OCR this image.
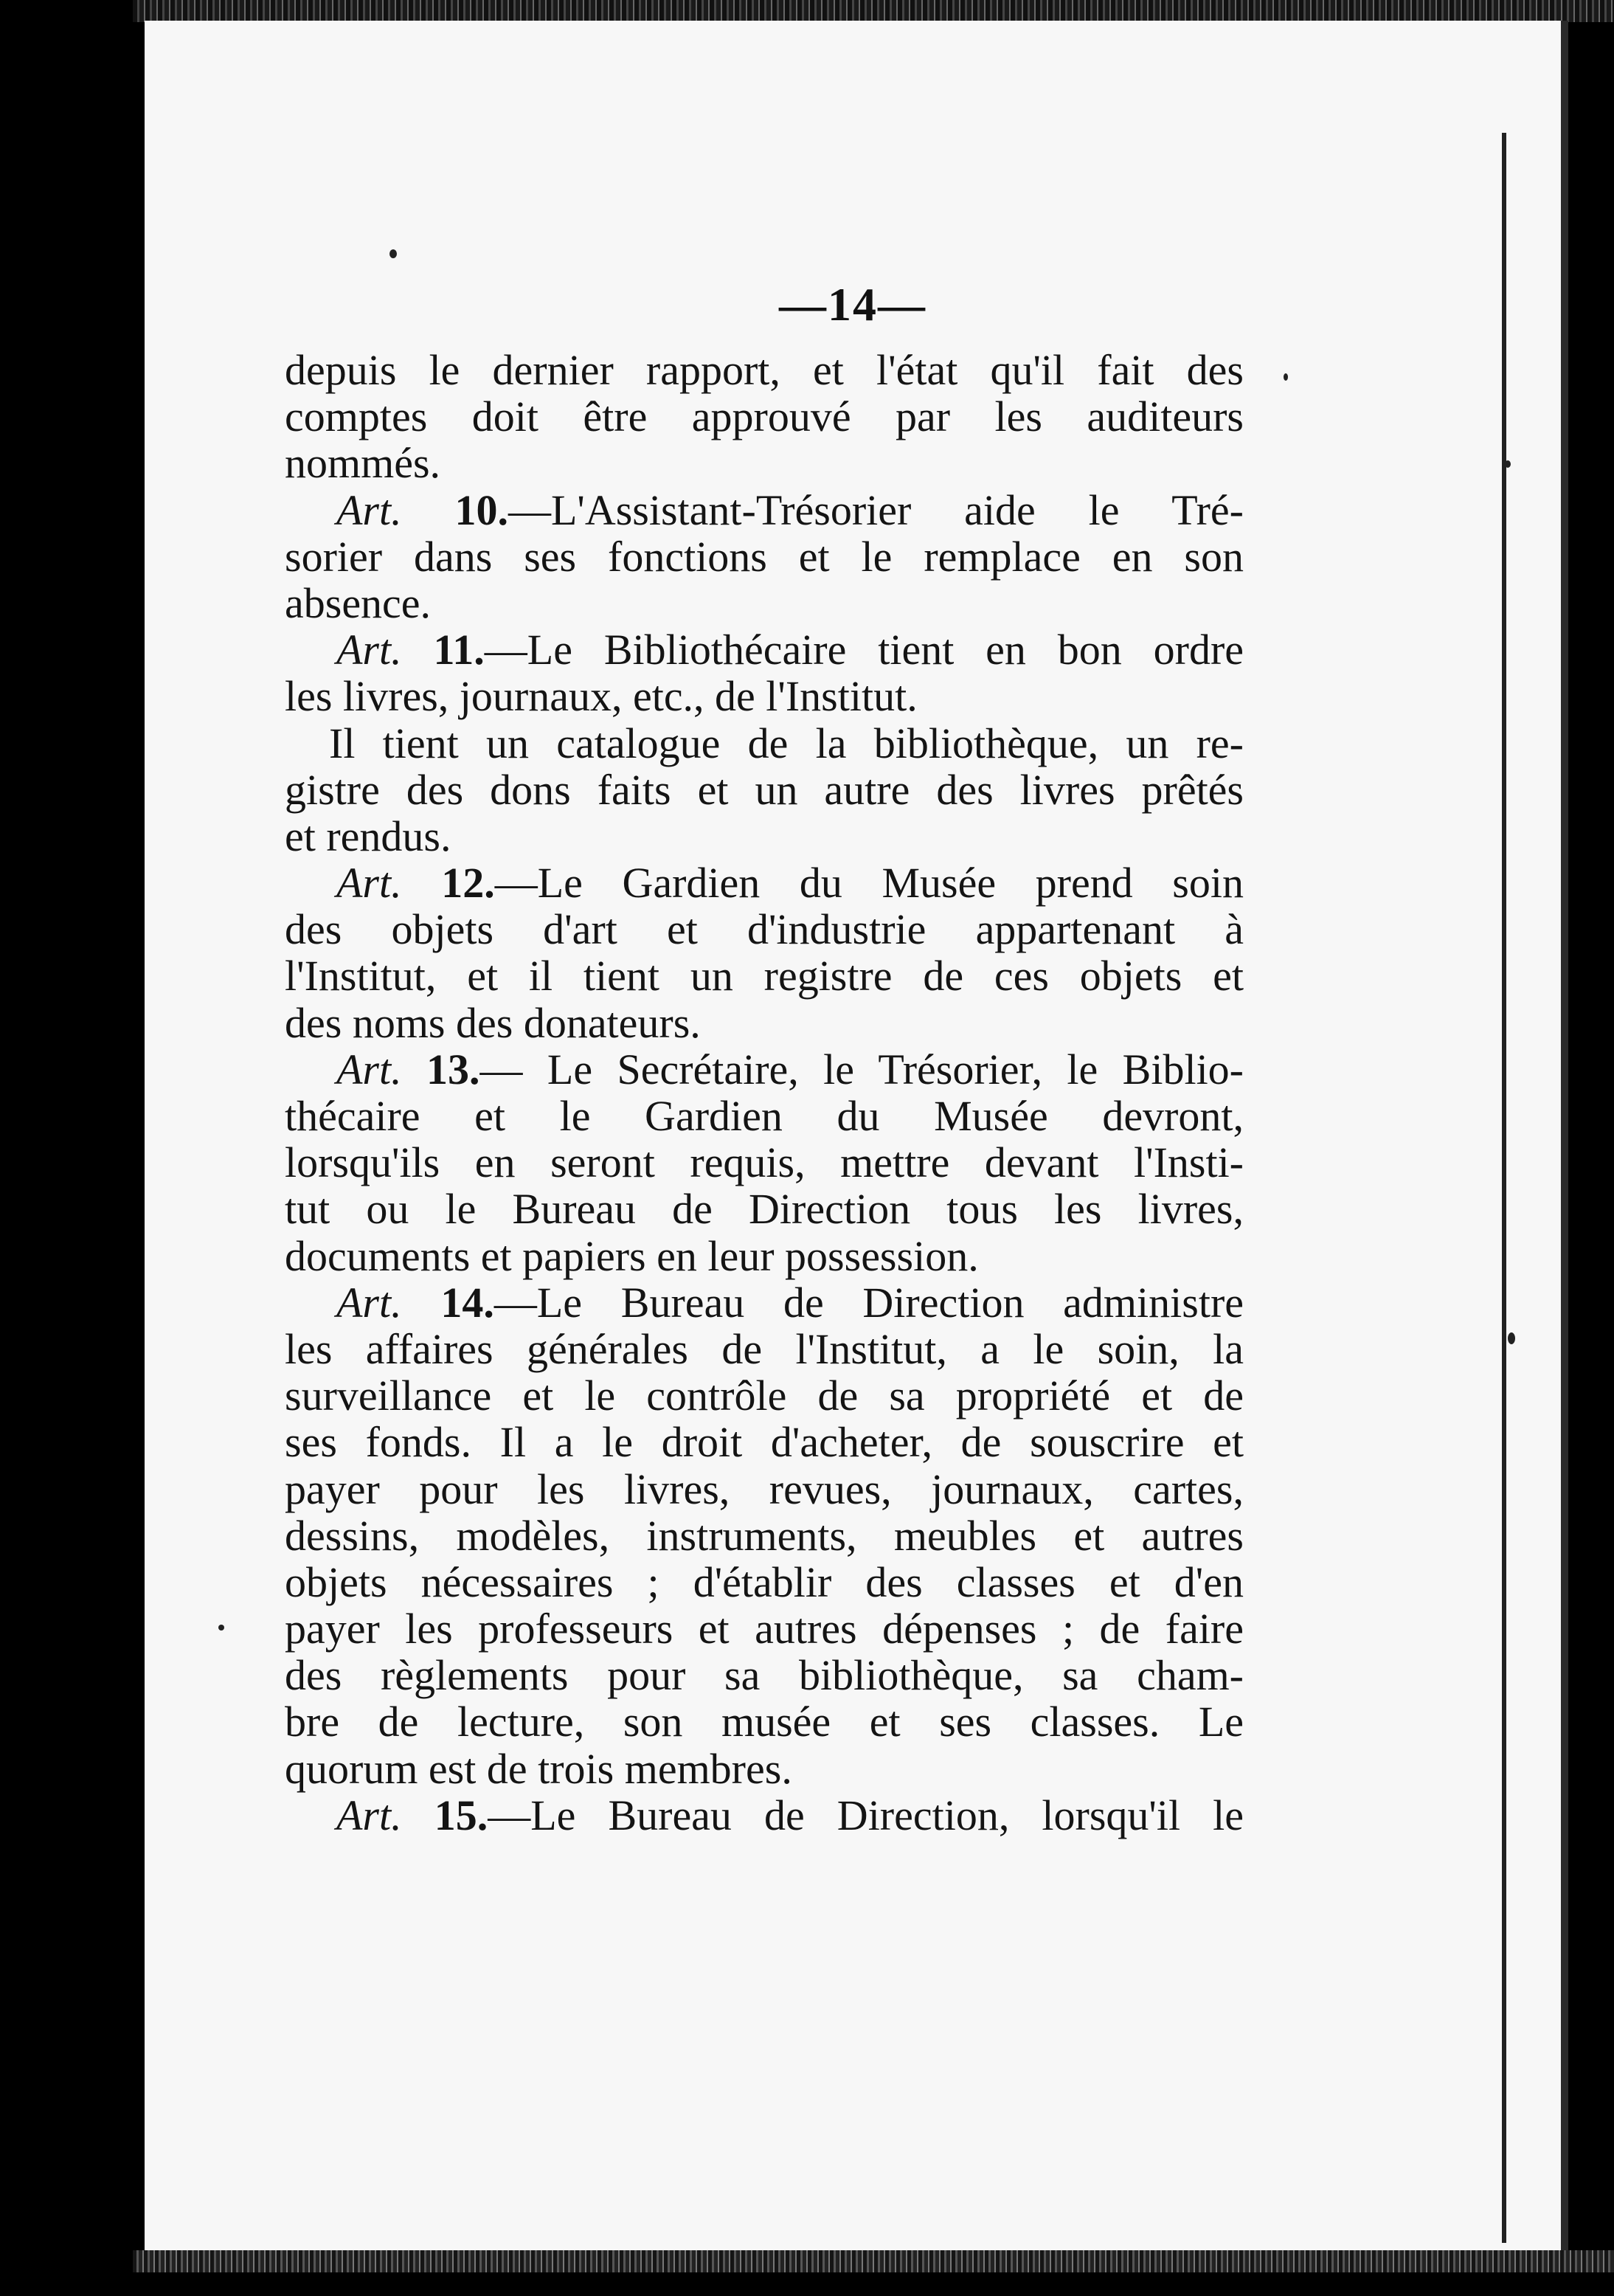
—14—
depuis le dernier rapport, et l'état qu'il fait des
comptes doit être approuvé par les auditeurs
nommés.
Art. 10.—L'Assistant-Trésorier aide le Tré-
sorier dans ses fonctions et le remplace en son
absence.
Art. 11.—Le Bibliothécaire tient en bon ordre
les livres, journaux, etc., de l'Institut.
Il tient un catalogue de la bibliothèque, un re-
gistre des dons faits et un autre des livres prêtés
et rendus.
Art. 12.—Le Gardien du Musée prend soin
des objets d'art et d'industrie appartenant à
l'Institut, et il tient un registre de ces objets et
des noms des donateurs.
Art. 13.— Le Secrétaire, le Trésorier, le Biblio-
thécaire et le Gardien du Musée devront,
lorsqu'ils en seront requis, mettre devant l'Insti-
tut ou le Bureau de Direction tous les livres,
documents et papiers en leur possession.
Art. 14.—Le Bureau de Direction administre
les affaires générales de l'Institut, a le soin, la
surveillance et le contrôle de sa propriété et de
ses fonds. Il a le droit d'acheter, de souscrire et
payer pour les livres, revues, journaux, cartes,
dessins, modèles, instruments, meubles et autres
objets nécessaires ; d'établir des classes et d'en
payer les professeurs et autres dépenses ; de faire
des règlements pour sa bibliothèque, sa cham-
bre de lecture, son musée et ses classes. Le
quorum est de trois membres.
Art. 15.—Le Bureau de Direction, lorsqu'il le
